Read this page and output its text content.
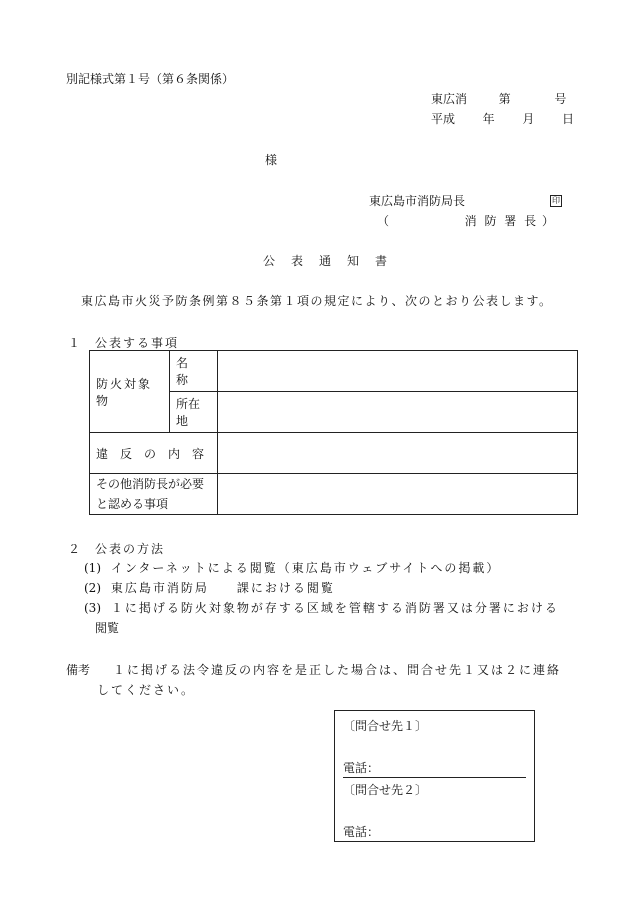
別記様式第１号（第６条関係）
東広消	第	号
平成 年 月 日
様
東広島市消防局長	印
（	消 防 署 長 ）
公　表　通　知　書
東広島市火災予防条例第８５条第１項の規定により、次のとおり公表します。
１ 公表する事項
防火対象物	名　称	
	所在地	
違　反　の　内　容		

その他消防長が必要
と認める事項		

２ 公表の方法
(1) インターネットによる閲覧（東広島市ウェブサイトへの掲載）
(2) 東広島市消防局　　課における閲覧
(3) １に掲げる防火対象物が存する区域を管轄する消防署又は分署における
閲覧
備考 １に掲げる法令違反の内容を是正した場合は、問合せ先１又は２に連絡
してください。
〔問合せ先１〕
電話：
〔問合せ先２〕
電話：
